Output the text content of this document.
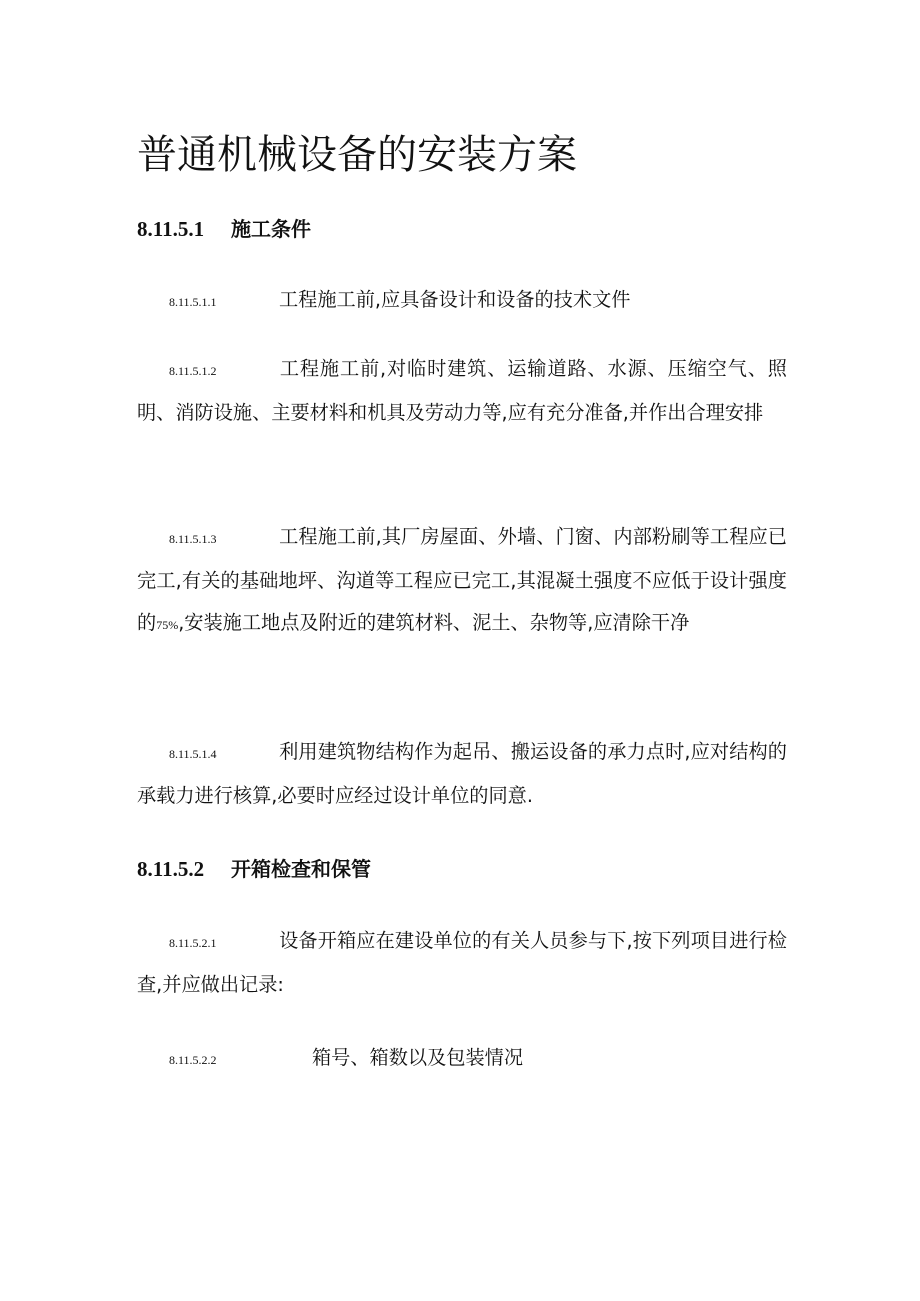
普通机械设备的安装方案
8.11.5.1 施工条件

8.11.5.1.1	工程施工前,应具备设计和设备的技术文件

8.11.5.1.2	工程施工前,对临时建筑、运输道路、水源、压缩空气、照明、消防设施、主要材料和机具及劳动力等,应有充分准备,并作出合理安排

8.11.5.1.3	工程施工前,其厂房屋面、外墙、门窗、内部粉刷等工程应已完工,有关的基础地坪、沟道等工程应已完工,其混凝土强度不应低于设计强度的75%,安装施工地点及附近的建筑材料、泥土、杂物等,应清除干净

8.11.5.1.4	利用建筑物结构作为起吊、搬运设备的承力点时,应对结构的承载力进行核算,必要时应经过设计单位的同意.

8.11.5.2 开箱检查和保管

8.11.5.2.1	设备开箱应在建设单位的有关人员参与下,按下列项目进行检查,并应做出记录:

8.11.5.2.2	箱号、箱数以及包装情况
